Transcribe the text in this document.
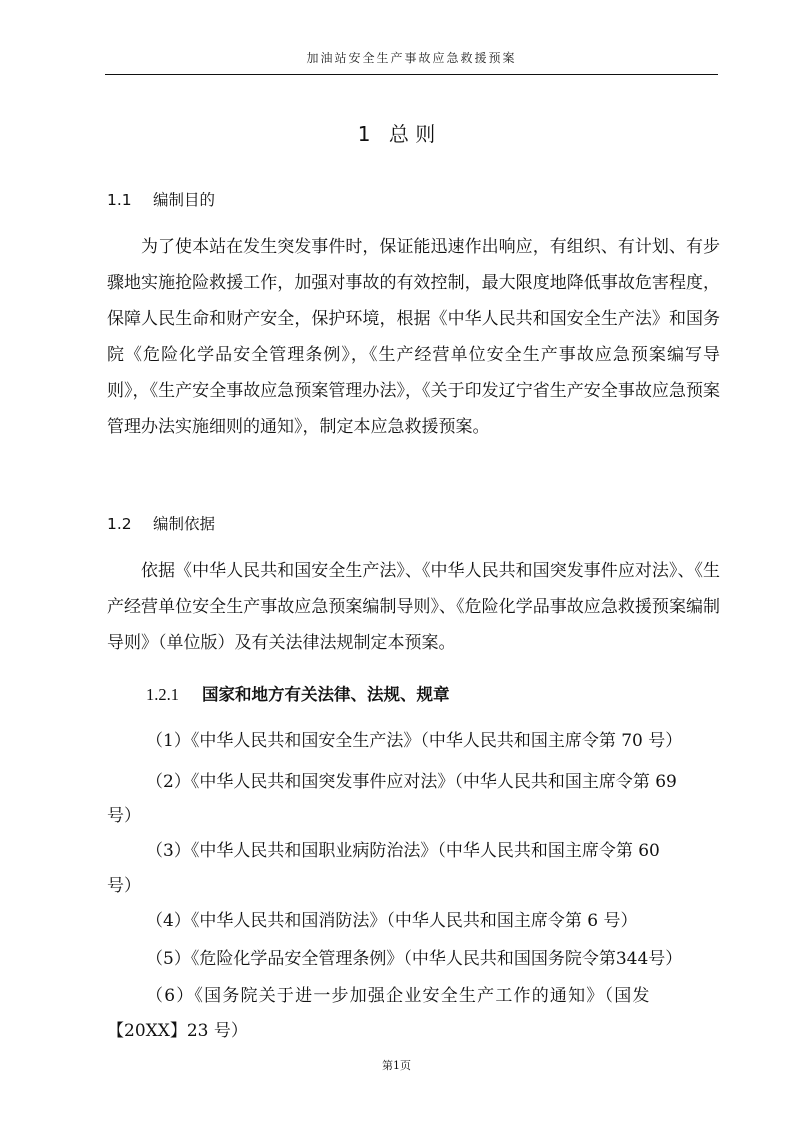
加油站安全生产事故应急救援预案
1 总 则
1.1 编制目的
为了使本站在发生突发事件时，保证能迅速作出响应，有组织、有计划、有步骤地实施抢险救援工作，加强对事故的有效控制，最大限度地降低事故危害程度，保障人民生命和财产安全，保护环境，根据《中华人民共和国安全生产法》和国务院《危险化学品安全管理条例》，《生产经营单位安全生产事故应急预案编写导则》，《生产安全事故应急预案管理办法》，《关于印发辽宁省生产安全事故应急预案管理办法实施细则的通知》，制定本应急救援预案。
1.2 编制依据
依据《中华人民共和国安全生产法》、《中华人民共和国突发事件应对法》、《生产经营单位安全生产事故应急预案编制导则》、《危险化学品事故应急救援预案编制导则》（单位版）及有关法律法规制定本预案。
1.2.1 国家和地方有关法律、法规、规章
（1）《中华人民共和国安全生产法》（中华人民共和国主席令第 70 号）
（2）《中华人民共和国突发事件应对法》（中华人民共和国主席令第 69
号）
（3）《中华人民共和国职业病防治法》（中华人民共和国主席令第 60
号）
（4）《中华人民共和国消防法》（中华人民共和国主席令第 6 号）
（5）《危险化学品安全管理条例》（中华人民共和国国务院令第344号）
（6）《国务院关于进一步加强企业安全生产工作的通知》（国发
【20XX】23 号）
第1页
